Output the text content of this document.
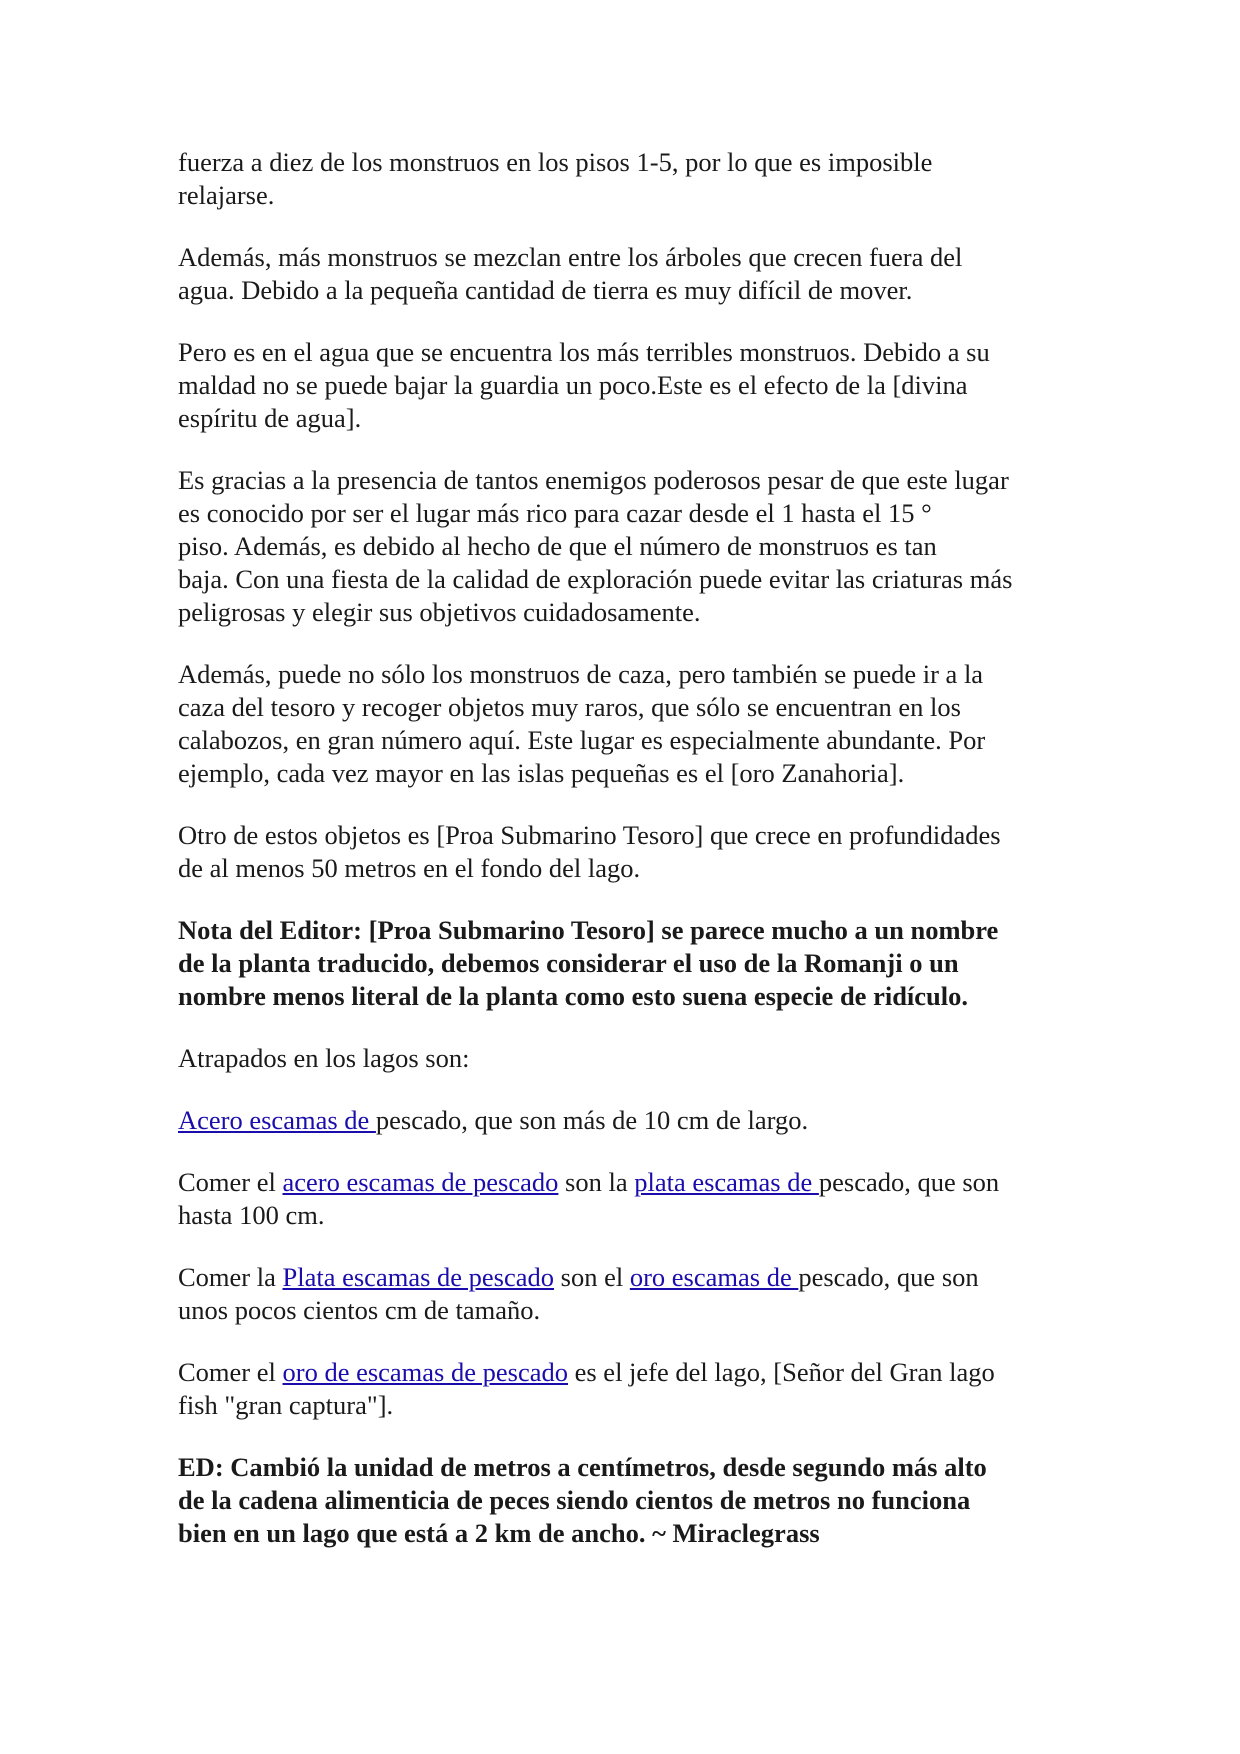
fuerza a diez de los monstruos en los pisos 1-5, por lo que es imposible
relajarse.

Además, más monstruos se mezclan entre los árboles que crecen fuera del
agua. Debido a la pequeña cantidad de tierra es muy difícil de mover.

Pero es en el agua que se encuentra los más terribles monstruos. Debido a su
maldad no se puede bajar la guardia un poco.Este es el efecto de la [divina
espíritu de agua].

Es gracias a la presencia de tantos enemigos poderosos pesar de que este lugar
es conocido por ser el lugar más rico para cazar desde el 1 hasta el 15 °
piso. Además, es debido al hecho de que el número de monstruos es tan
baja. Con una fiesta de la calidad de exploración puede evitar las criaturas más
peligrosas y elegir sus objetivos cuidadosamente.

Además, puede no sólo los monstruos de caza, pero también se puede ir a la
caza del tesoro y recoger objetos muy raros, que sólo se encuentran en los
calabozos, en gran número aquí. Este lugar es especialmente abundante. Por
ejemplo, cada vez mayor en las islas pequeñas es el [oro Zanahoria].

Otro de estos objetos es [Proa Submarino Tesoro] que crece en profundidades
de al menos 50 metros en el fondo del lago.

Nota del Editor: [Proa Submarino Tesoro] se parece mucho a un nombre
de la planta traducido, debemos considerar el uso de la Romanji o un
nombre menos literal de la planta como esto suena especie de ridículo.

Atrapados en los lagos son:

Acero escamas de pescado, que son más de 10 cm de largo.

Comer el acero escamas de pescado son la plata escamas de pescado, que son
hasta 100 cm.

Comer la Plata escamas de pescado son el oro escamas de pescado, que son
unos pocos cientos cm de tamaño.

Comer el oro de escamas de pescado es el jefe del lago, [Señor del Gran lago
fish "gran captura"].

ED: Cambió la unidad de metros a centímetros, desde segundo más alto
de la cadena alimenticia de peces siendo cientos de metros no funciona
bien en un lago que está a 2 km de ancho. ~ Miraclegrass
